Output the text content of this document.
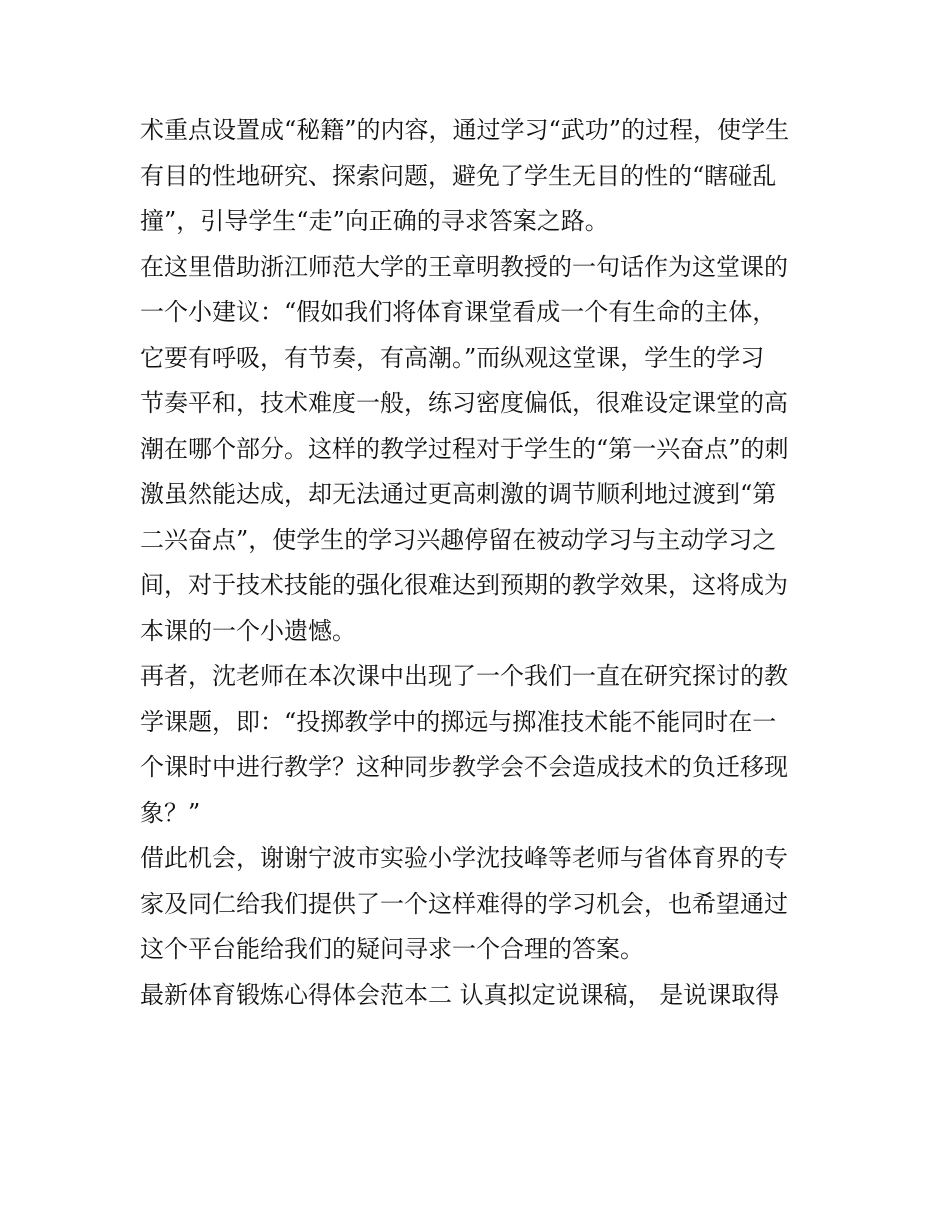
术重点设置成“秘籍”的内容，通过学习“武功”的过程，使学生
有目的性地研究、探索问题，避免了学生无目的性的“瞎碰乱
撞”，引导学生“走”向正确的寻求答案之路。
在这里借助浙江师范大学的王章明教授的一句话作为这堂课的
一个小建议：“假如我们将体育课堂看成一个有生命的主体，
它要有呼吸，有节奏，有高潮。”而纵观这堂课，学生的学习
节奏平和，技术难度一般，练习密度偏低，很难设定课堂的高
潮在哪个部分。这样的教学过程对于学生的“第一兴奋点”的刺
激虽然能达成，却无法通过更高刺激的调节顺利地过渡到“第
二兴奋点”，使学生的学习兴趣停留在被动学习与主动学习之
间，对于技术技能的强化很难达到预期的教学效果，这将成为
本课的一个小遗憾。
再者，沈老师在本次课中出现了一个我们一直在研究探讨的教
学课题，即：“投掷教学中的掷远与掷准技术能不能同时在一
个课时中进行教学？这种同步教学会不会造成技术的负迁移现
象？”
借此机会，谢谢宁波市实验小学沈技峰等老师与省体育界的专
家及同仁给我们提供了一个这样难得的学习机会，也希望通过
这个平台能给我们的疑问寻求一个合理的答案。
最新体育锻炼心得体会范本二 认真拟定说课稿， 是说课取得
